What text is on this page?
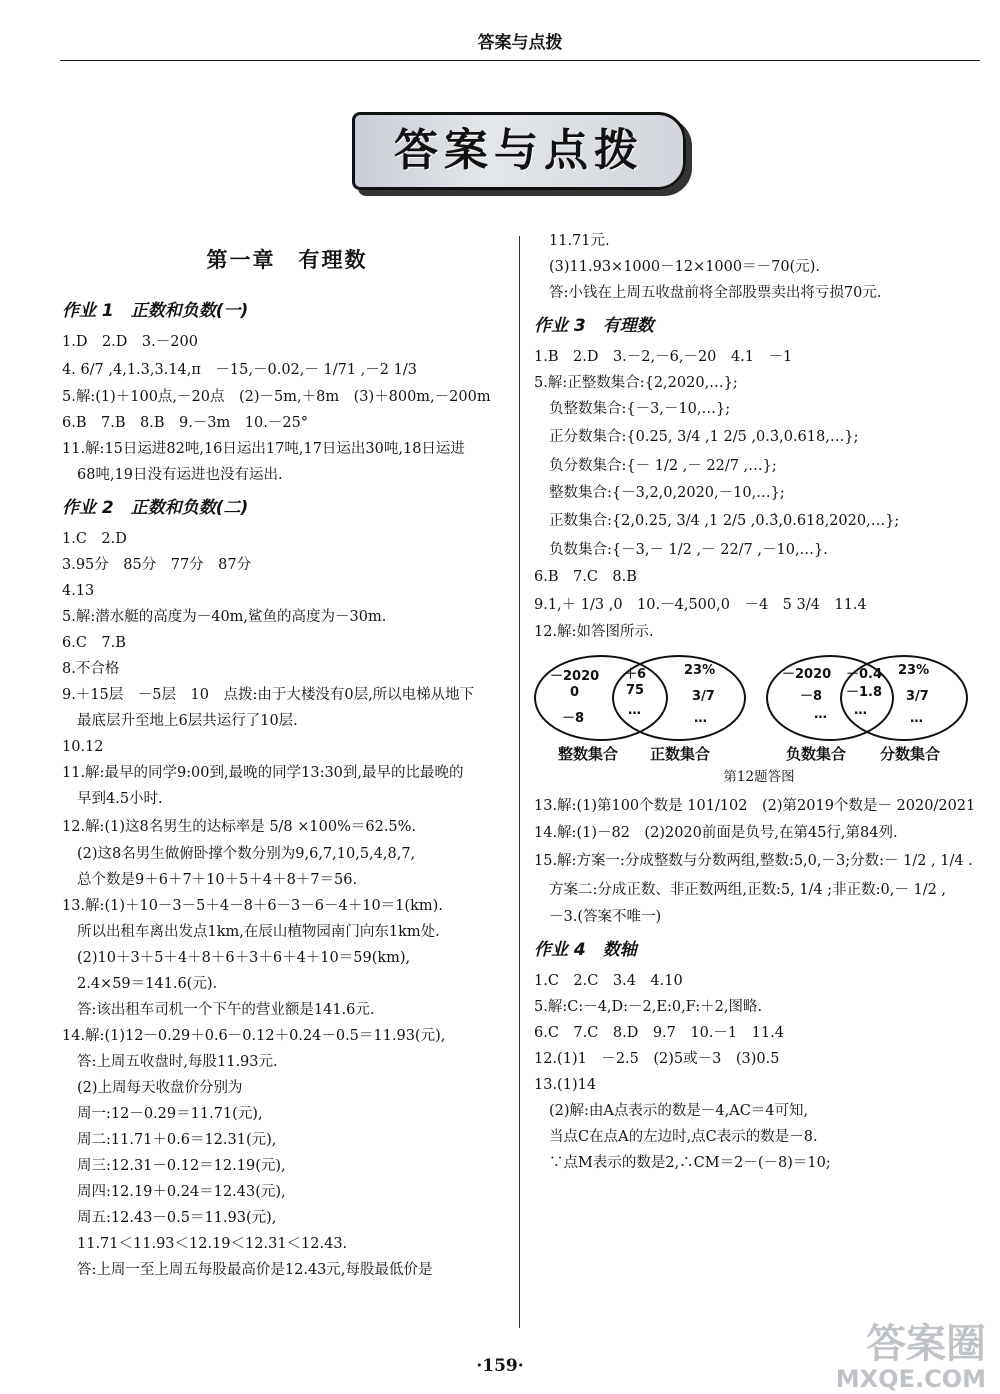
答案与点拨
答案与点拨
第一章　有理数
作业 1　正数和负数(一)
1.D　2.D　3.－200
4. 6/7 ,4,1.3,3.14,π　－15,－0.02,－ 1/71 ,－2 1/3
5.解:(1)＋100点,－20点　(2)－5m,＋8m　(3)＋800m,－200m
6.B　7.B　8.B　9.－3m　10.－25°
11.解:15日运进82吨,16日运出17吨,17日运出30吨,18日运进
68吨,19日没有运进也没有运出.
作业 2　正数和负数(二)
1.C　2.D
3.95分　85分　77分　87分
4.13
5.解:潜水艇的高度为－40m,鲨鱼的高度为－30m.
6.C　7.B
8.不合格
9.＋15层　－5层　10　点拨:由于大楼没有0层,所以电梯从地下
最底层升至地上6层共运行了10层.
10.12
11.解:最早的同学9:00到,最晚的同学13:30到,最早的比最晚的
早到4.5小时.
12.解:(1)这8名男生的达标率是 5/8 ×100%＝62.5%.
(2)这8名男生做俯卧撑个数分别为9,6,7,10,5,4,8,7,
总个数是9＋6＋7＋10＋5＋4＋8＋7＝56.
13.解:(1)＋10－3－5＋4－8＋6－3－6－4＋10＝1(km).
所以出租车离出发点1km,在辰山植物园南门向东1km处.
(2)10＋3＋5＋4＋8＋6＋3＋6＋4＋10＝59(km),
2.4×59＝141.6(元).
答:该出租车司机一个下午的营业额是141.6元.
14.解:(1)12－0.29＋0.6－0.12＋0.24－0.5＝11.93(元),
答:上周五收盘时,每股11.93元.
(2)上周每天收盘价分别为
周一:12－0.29＝11.71(元),
周二:11.71＋0.6＝12.31(元),
周三:12.31－0.12＝12.19(元),
周四:12.19＋0.24＝12.43(元),
周五:12.43－0.5＝11.93(元),
11.71＜11.93＜12.19＜12.31＜12.43.
答:上周一至上周五每股最高价是12.43元,每股最低价是
11.71元.
(3)11.93×1000－12×1000＝－70(元).
答:小钱在上周五收盘前将全部股票卖出将亏损70元.
作业 3　有理数
1.B　2.D　3.－2,－6,－20　4.1　－1
5.解:正整数集合:{2,2020,…};
负整数集合:{－3,－10,…};
正分数集合:{0.25, 3/4 ,1 2/5 ,0.3̇,0.618,…};
负分数集合:{－ 1/2 ,－ 22/7 ,…};
整数集合:{－3,2,0,2020,－10,…};
正数集合:{2,0.25, 3/4 ,1 2/5 ,0.3̇,0.618,2020,…};
负数集合:{－3,－ 1/2 ,－ 22/7 ,－10,…}.
6.B　7.C　8.B
9.1,＋ 1/3 ,0　10.－4,500,0　－4　5 3/4　11.4
12.解:如答图所示.
－2020
0
－8
＋6
75
…
23%
3/7
…
整数集合 正数集合
－2020
－8
…
－0.4
－1.8
…
23%
3/7
…
负数集合 分数集合
第12题答图
13.解:(1)第100个数是 101/102　(2)第2019个数是－ 2020/2021
14.解:(1)－82　(2)2020前面是负号,在第45行,第84列.
15.解:方案一:分成整数与分数两组,整数:5,0,－3;分数:－ 1/2 , 1/4 .
方案二:分成正数、非正数两组,正数:5, 1/4 ;非正数:0,－ 1/2 ,
－3.(答案不唯一)
作业 4　数轴
1.C　2.C　3.4　4.10
5.解:C:－4,D:－2,E:0,F:＋2,图略.
6.C　7.C　8.D　9.7　10.－1　11.4
12.(1)1　－2.5　(2)5或－3　(3)0.5
13.(1)14
(2)解:由A点表示的数是－4,AC＝4可知,
当点C在点A的左边时,点C表示的数是－8.
∵点M表示的数是2,∴CM＝2－(－8)＝10;
·159·	答案圈
MXQE.COM
